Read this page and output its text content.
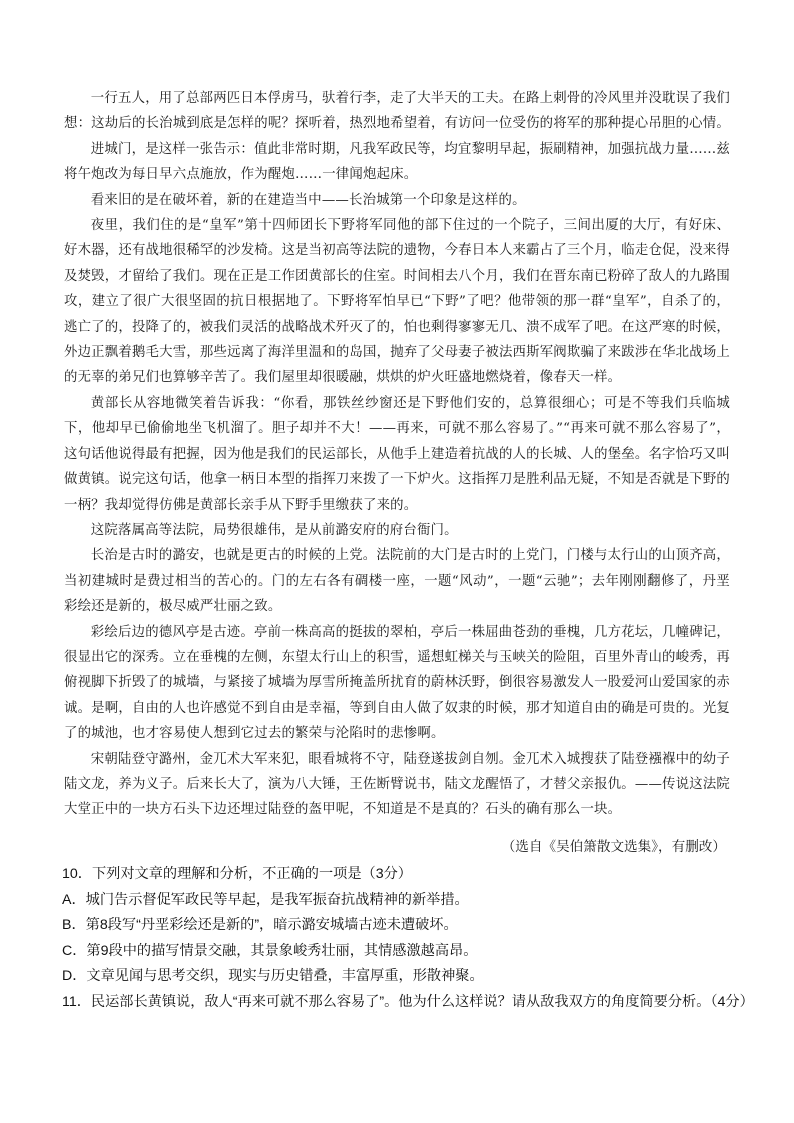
一行五人，用了总部两匹日本俘虏马，驮着行李，走了大半天的工夫。在路上刺骨的冷风里并没耽误了我们想：这劫后的长治城到底是怎样的呢？探听着，热烈地希望着，有访问一位受伤的将军的那种提心吊胆的心情。

进城门，是这样一张告示：值此非常时期，凡我军政民等，均宜黎明早起，振刷精神，加强抗战力量……兹将午炮改为每日早六点施放，作为醒炮……一律闻炮起床。

看来旧的是在破坏着，新的在建造当中——长治城第一个印象是这样的。

夜里，我们住的是“皇军”第十四师团长下野将军同他的部下住过的一个院子，三间出厦的大厅，有好床、好木器，还有战地很稀罕的沙发椅。这是当初高等法院的遗物，今春日本人来霸占了三个月，临走仓促，没来得及焚毁，才留给了我们。现在正是工作团黄部长的住室。时间相去八个月，我们在晋东南已粉碎了敌人的九路围攻，建立了很广大很坚固的抗日根据地了。下野将军怕早已“下野”了吧？他带领的那一群“皇军”，自杀了的，逃亡了的，投降了的，被我们灵活的战略战术歼灭了的，怕也剩得寥寥无几、溃不成军了吧。在这严寒的时候，外边正飘着鹅毛大雪，那些远离了海洋里温和的岛国，抛弃了父母妻子被法西斯军阀欺骗了来跋涉在华北战场上的无辜的弟兄们也算够辛苦了。我们屋里却很暖融，烘烘的炉火旺盛地燃烧着，像春天一样。

黄部长从容地微笑着告诉我：“你看，那铁丝纱窗还是下野他们安的，总算很细心；可是不等我们兵临城下，他却早已偷偷地坐飞机溜了。胆子却并不大！——再来，可就不那么容易了。”“再来可就不那么容易了”，这句话他说得最有把握，因为他是我们的民运部长，从他手上建造着抗战的人的长城、人的堡垒。名字恰巧又叫做黄镇。说完这句话，他拿一柄日本型的指挥刀来拨了一下炉火。这指挥刀是胜利品无疑，不知是否就是下野的一柄？我却觉得仿佛是黄部长亲手从下野手里缴获了来的。

这院落属高等法院，局势很雄伟，是从前潞安府的府台衙门。

长治是古时的潞安，也就是更古的时候的上党。法院前的大门是古时的上党门，门楼与太行山的山顶齐高，当初建城时是费过相当的苦心的。门的左右各有碉楼一座，一题“风动”，一题“云驰”；去年刚刚翻修了，丹垩彩绘还是新的，极尽威严壮丽之致。

彩绘后边的德风亭是古迹。亭前一株高高的挺拔的翠柏，亭后一株屈曲苍劲的垂槐，几方花坛，几幢碑记，很显出它的深秀。立在垂槐的左侧，东望太行山上的积雪，遥想虹梯关与玉峡关的险阻，百里外青山的峻秀，再俯视脚下折毁了的城墙，与紧接了城墙为厚雪所掩盖所扰育的蔚林沃野，倒很容易激发人一股爱河山爱国家的赤诚。是啊，自由的人也许感觉不到自由是幸福，等到自由人做了奴隶的时候，那才知道自由的确是可贵的。光复了的城池，也才容易使人想到它过去的繁荣与沦陷时的悲惨啊。

宋朝陆登守潞州，金兀术大军来犯，眼看城将不守，陆登遂拔剑自刎。金兀术入城搜获了陆登襁褓中的幼子陆文龙，养为义子。后来长大了，演为八大锤，王佐断臂说书，陆文龙醒悟了，才替父亲报仇。——传说这法院大堂正中的一块方石头下边还埋过陆登的盔甲呢，不知道是不是真的？石头的确有那么一块。

（选自《吴伯箫散文选集》，有删改）
10．下列对文章的理解和分析，不正确的一项是（3分）
A．城门告示督促军政民等早起，是我军振奋抗战精神的新举措。
B．第8段写“丹垩彩绘还是新的”，暗示潞安城墙古迹未遭破坏。
C．第9段中的描写情景交融，其景象峻秀壮丽，其情感激越高昂。
D．文章见闻与思考交织，现实与历史错叠，丰富厚重，形散神聚。
11．民运部长黄镇说，敌人“再来可就不那么容易了”。他为什么这样说？请从敌我双方的角度简要分析。（4分）
